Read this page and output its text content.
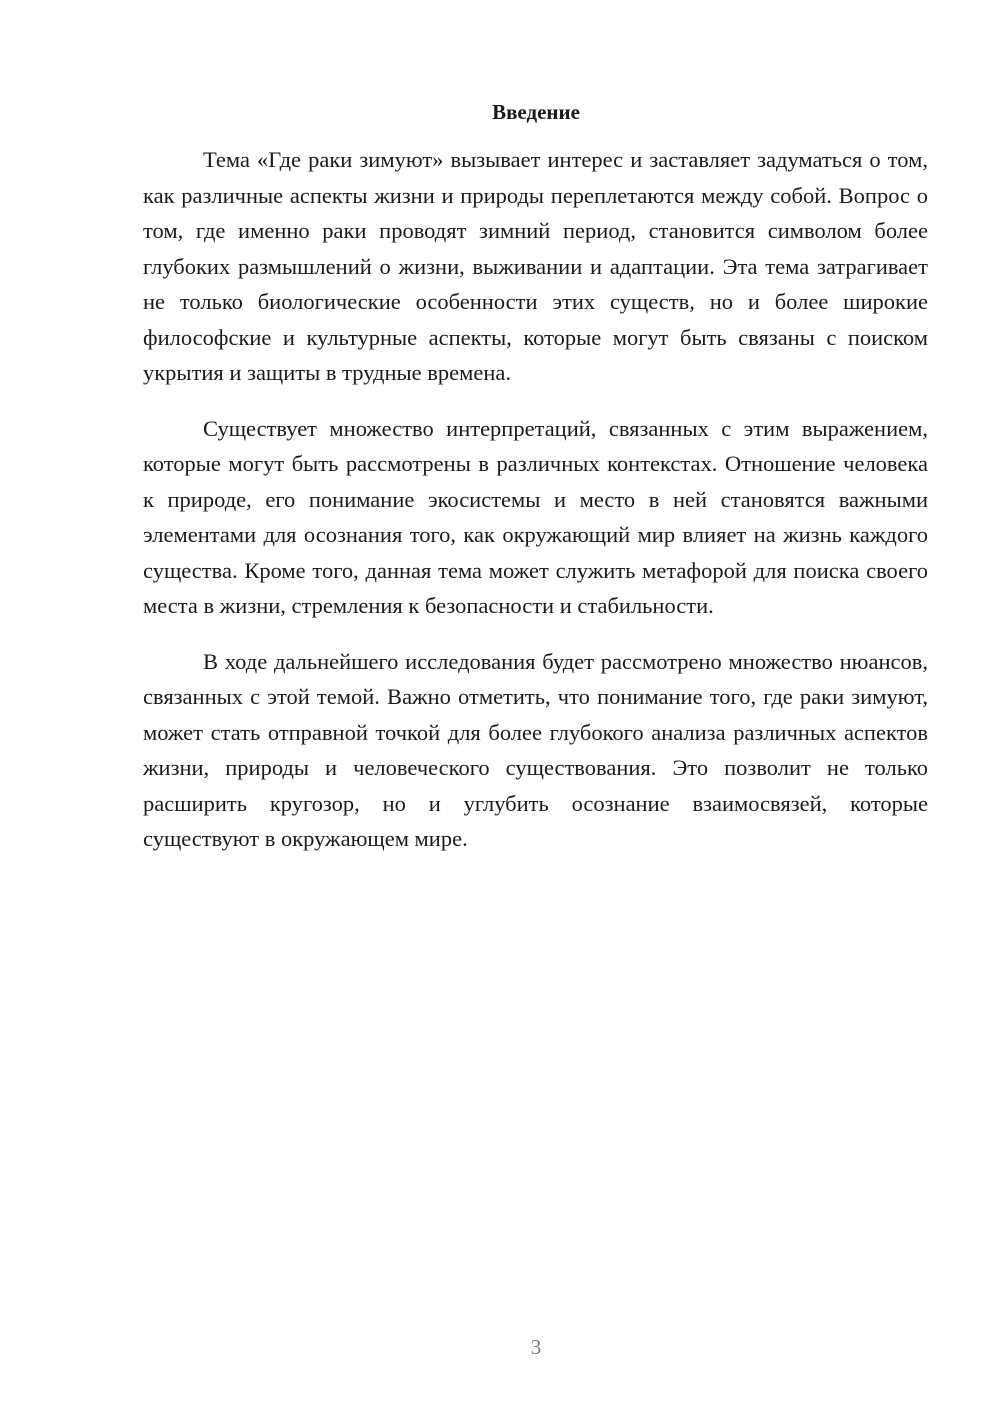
Введение

Тема «Где раки зимуют» вызывает интерес и заставляет задуматься о том, как различные аспекты жизни и природы переплетаются между собой. Вопрос о том, где именно раки проводят зимний период, становится символом более глубоких размышлений о жизни, выживании и адаптации. Эта тема затрагивает не только биологические особенности этих существ, но и более широкие философские и культурные аспекты, которые могут быть связаны с поиском укрытия и защиты в трудные времена.

Существует множество интерпретаций, связанных с этим выражением, которые могут быть рассмотрены в различных контекстах. Отношение человека к природе, его понимание экосистемы и место в ней становятся важными элементами для осознания того, как окружающий мир влияет на жизнь каждого существа. Кроме того, данная тема может служить метафорой для поиска своего места в жизни, стремления к безопасности и стабильности.

В ходе дальнейшего исследования будет рассмотрено множество нюансов, связанных с этой темой. Важно отметить, что понимание того, где раки зимуют, может стать отправной точкой для более глубокого анализа различных аспектов жизни, природы и человеческого существования. Это позволит не только расширить кругозор, но и углубить осознание взаимосвязей, которые существуют в окружающем мире.

3
